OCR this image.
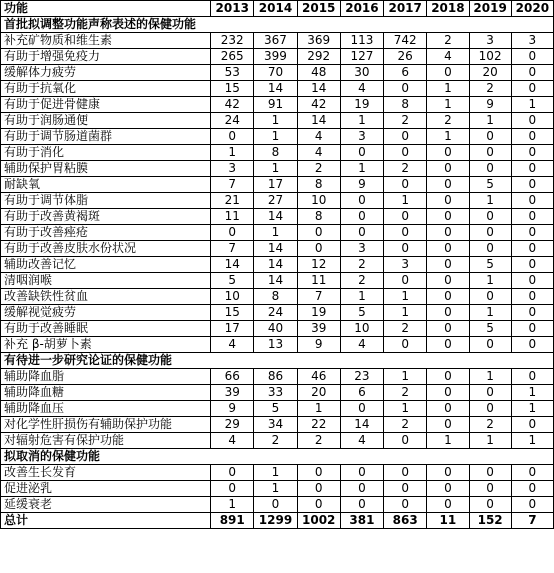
功能	2013	2014	2015	2016	2017	2018	2019	2020
首批拟调整功能声称表述的保健功能								
补充矿物质和维生素	232	367	369	113	742	2	3	3
有助于增强免疫力	265	399	292	127	26	4	102	0
缓解体力疲劳	53	70	48	30	6	0	20	0
有助于抗氧化	15	14	14	4	0	1	2	0
有助于促进骨健康	42	91	42	19	8	1	9	1
有助于润肠通便	24	1	14	1	2	2	1	0
有助于调节肠道菌群	0	1	4	3	0	1	0	0
有助于消化	1	8	4	0	0	0	0	0
辅助保护胃粘膜	3	1	2	1	2	0	0	0
耐缺氧	7	17	8	9	0	0	5	0
有助于调节体脂	21	27	10	0	1	0	1	0
有助于改善黄褐斑	11	14	8	0	0	0	0	0
有助于改善痤疮	0	1	0	0	0	0	0	0
有助于改善皮肤水份状况	7	14	0	3	0	0	0	0
辅助改善记忆	14	14	12	2	3	0	5	0
清咽润喉	5	14	11	2	0	0	1	0
改善缺铁性贫血	10	8	7	1	1	0	0	0
缓解视觉疲劳	15	24	19	5	1	0	1	0
有助于改善睡眠	17	40	39	10	2	0	5	0
补充 β-胡萝卜素	4	13	9	4	0	0	0	0
有待进一步研究论证的保健功能								
辅助降血脂	66	86	46	23	1	0	1	0
辅助降血糖	39	33	20	6	2	0	0	1
辅助降血压	9	5	1	0	1	0	0	1
对化学性肝损伤有辅助保护功能	29	34	22	14	2	0	2	0
对辐射危害有保护功能	4	2	2	4	0	1	1	1
拟取消的保健功能								
改善生长发育	0	1	0	0	0	0	0	0
促进泌乳	0	1	0	0	0	0	0	0
延缓衰老	1	0	0	0	0	0	0	0
总计	891	1299	1002	381	863	11	152	7
